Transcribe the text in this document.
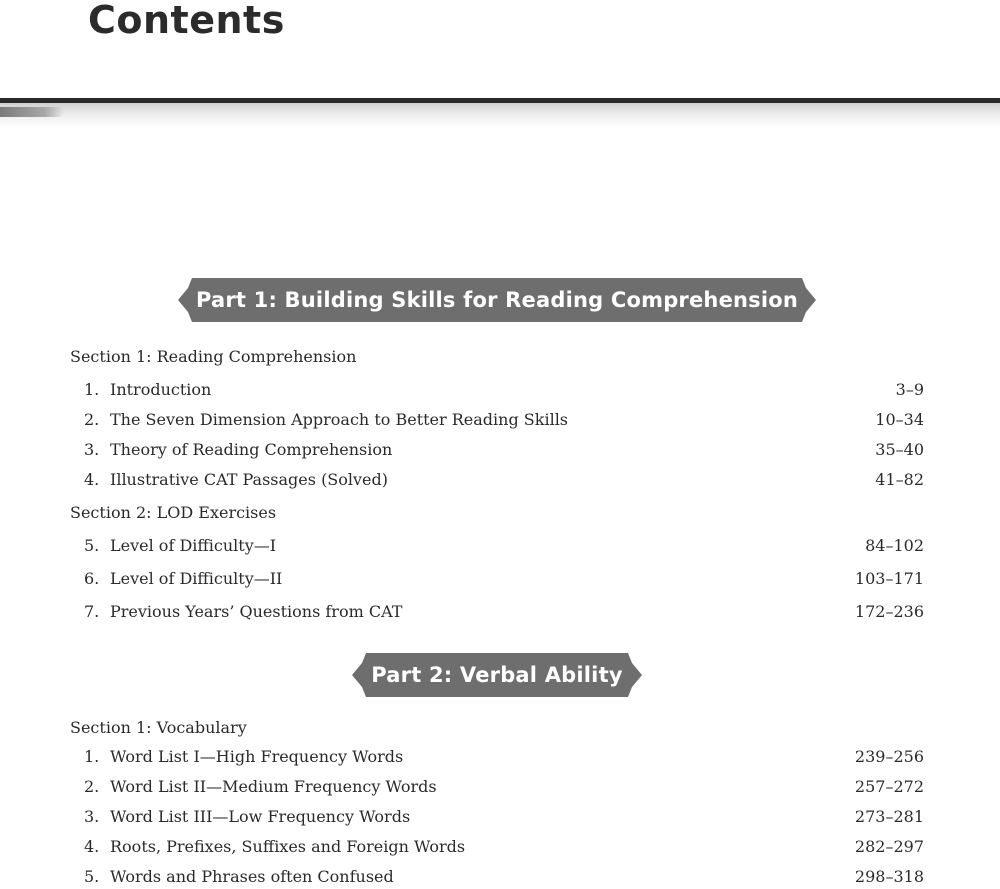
Contents
Part 1: Building Skills for Reading Comprehension
Section 1: Reading Comprehension
1. Introduction	3–9
2. The Seven Dimension Approach to Better Reading Skills	10–34
3. Theory of Reading Comprehension	35–40
4. Illustrative CAT Passages (Solved)	41–82
Section 2: LOD Exercises
5. Level of Difficulty—I	84–102
6. Level of Difficulty—II	103–171
7. Previous Years’ Questions from CAT	172–236
Part 2: Verbal Ability
Section 1: Vocabulary
1. Word List I—High Frequency Words	239–256
2. Word List II—Medium Frequency Words	257–272
3. Word List III—Low Frequency Words	273–281
4. Roots, Prefixes, Suffixes and Foreign Words	282–297
5. Words and Phrases often Confused	298–318
